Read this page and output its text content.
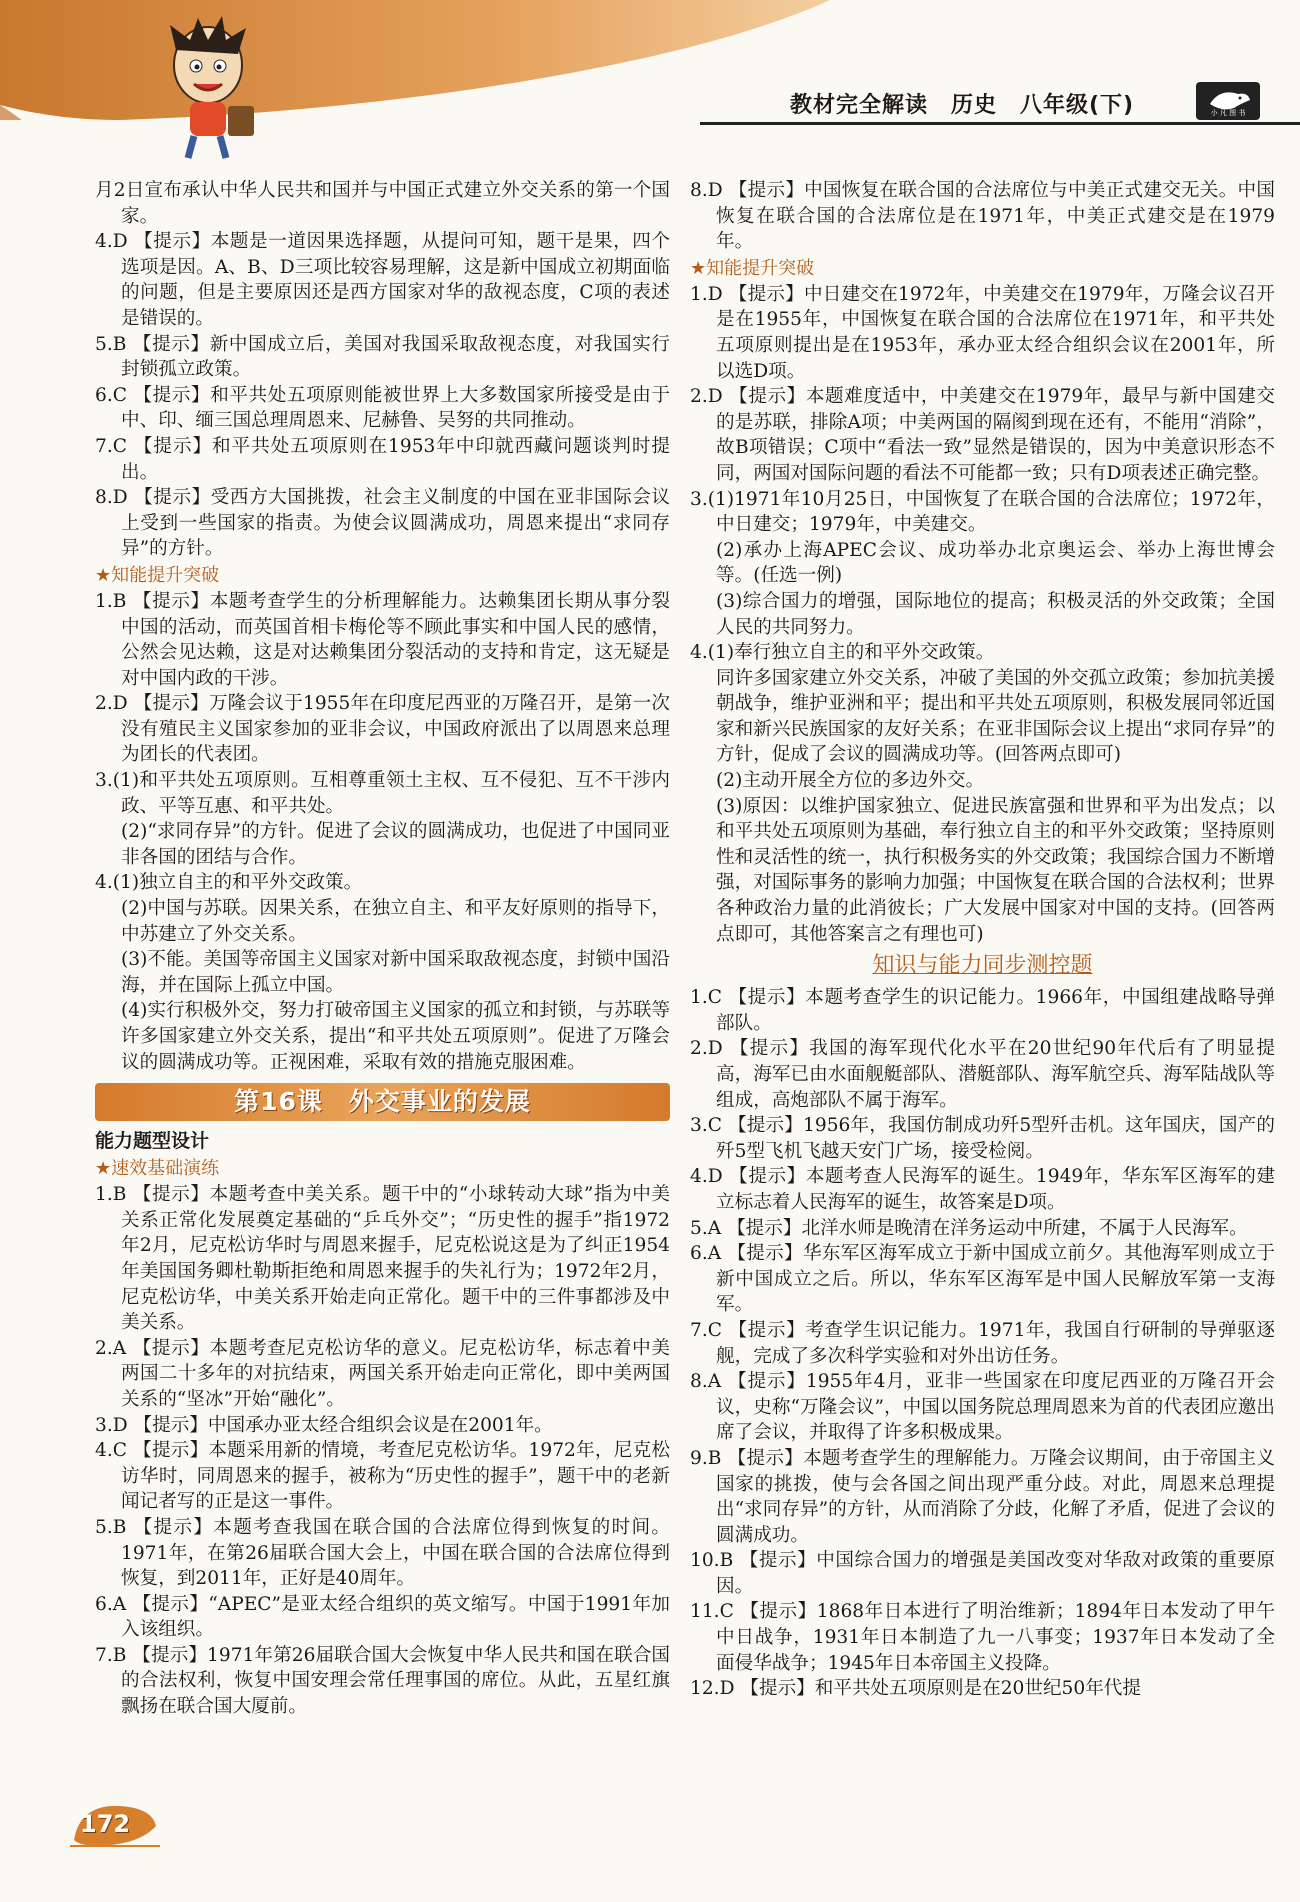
教材完全解读　历史　八年级(下)	小 凡 图 书

月2日宣布承认中华人民共和国并与中国正式建立外交关系的第一个国家。

4.D 【提示】本题是一道因果选择题，从提问可知，题干是果，四个选项是因。A、B、D三项比较容易理解，这是新中国成立初期面临的问题，但是主要原因还是西方国家对华的敌视态度，C项的表述是错误的。

5.B 【提示】新中国成立后，美国对我国采取敌视态度，对我国实行封锁孤立政策。

6.C 【提示】和平共处五项原则能被世界上大多数国家所接受是由于中、印、缅三国总理周恩来、尼赫鲁、吴努的共同推动。

7.C 【提示】和平共处五项原则在1953年中印就西藏问题谈判时提出。

8.D 【提示】受西方大国挑拨，社会主义制度的中国在亚非国际会议上受到一些国家的指责。为使会议圆满成功，周恩来提出“求同存异”的方针。

★知能提升突破

1.B 【提示】本题考查学生的分析理解能力。达赖集团长期从事分裂中国的活动，而英国首相卡梅伦等不顾此事实和中国人民的感情，公然会见达赖，这是对达赖集团分裂活动的支持和肯定，这无疑是对中国内政的干涉。

2.D 【提示】万隆会议于1955年在印度尼西亚的万隆召开，是第一次没有殖民主义国家参加的亚非会议，中国政府派出了以周恩来总理为团长的代表团。

3.(1)和平共处五项原则。互相尊重领土主权、互不侵犯、互不干涉内政、平等互惠、和平共处。

(2)“求同存异”的方针。促进了会议的圆满成功，也促进了中国同亚非各国的团结与合作。

4.(1)独立自主的和平外交政策。

(2)中国与苏联。因果关系，在独立自主、和平友好原则的指导下，中苏建立了外交关系。

(3)不能。美国等帝国主义国家对新中国采取敌视态度，封锁中国沿海，并在国际上孤立中国。

(4)实行积极外交，努力打破帝国主义国家的孤立和封锁，与苏联等许多国家建立外交关系，提出“和平共处五项原则”。促进了万隆会议的圆满成功等。正视困难，采取有效的措施克服困难。

第16课　外交事业的发展

能力题型设计

★速效基础演练

1.B 【提示】本题考查中美关系。题干中的“小球转动大球”指为中美关系正常化发展奠定基础的“乒乓外交”；“历史性的握手”指1972年2月，尼克松访华时与周恩来握手，尼克松说这是为了纠正1954年美国国务卿杜勒斯拒绝和周恩来握手的失礼行为；1972年2月，尼克松访华，中美关系开始走向正常化。题干中的三件事都涉及中美关系。

2.A 【提示】本题考查尼克松访华的意义。尼克松访华，标志着中美两国二十多年的对抗结束，两国关系开始走向正常化，即中美两国关系的“坚冰”开始“融化”。

3.D 【提示】中国承办亚太经合组织会议是在2001年。

4.C 【提示】本题采用新的情境，考查尼克松访华。1972年，尼克松访华时，同周恩来的握手，被称为“历史性的握手”，题干中的老新闻记者写的正是这一事件。

5.B 【提示】本题考查我国在联合国的合法席位得到恢复的时间。1971年，在第26届联合国大会上，中国在联合国的合法席位得到恢复，到2011年，正好是40周年。

6.A 【提示】“APEC”是亚太经合组织的英文缩写。中国于1991年加入该组织。

7.B 【提示】1971年第26届联合国大会恢复中华人民共和国在联合国的合法权利，恢复中国安理会常任理事国的席位。从此，五星红旗飘扬在联合国大厦前。

8.D 【提示】中国恢复在联合国的合法席位与中美正式建交无关。中国恢复在联合国的合法席位是在1971年，中美正式建交是在1979年。

★知能提升突破

1.D 【提示】中日建交在1972年，中美建交在1979年，万隆会议召开是在1955年，中国恢复在联合国的合法席位在1971年，和平共处五项原则提出是在1953年，承办亚太经合组织会议在2001年，所以选D项。

2.D 【提示】本题难度适中，中美建交在1979年，最早与新中国建交的是苏联，排除A项；中美两国的隔阂到现在还有，不能用“消除”，故B项错误；C项中“看法一致”显然是错误的，因为中美意识形态不同，两国对国际问题的看法不可能都一致；只有D项表述正确完整。

3.(1)1971年10月25日，中国恢复了在联合国的合法席位；1972年，中日建交；1979年，中美建交。

(2)承办上海APEC会议、成功举办北京奥运会、举办上海世博会等。(任选一例)

(3)综合国力的增强，国际地位的提高；积极灵活的外交政策；全国人民的共同努力。

4.(1)奉行独立自主的和平外交政策。

同许多国家建立外交关系，冲破了美国的外交孤立政策；参加抗美援朝战争，维护亚洲和平；提出和平共处五项原则，积极发展同邻近国家和新兴民族国家的友好关系；在亚非国际会议上提出“求同存异”的方针，促成了会议的圆满成功等。(回答两点即可)

(2)主动开展全方位的多边外交。

(3)原因：以维护国家独立、促进民族富强和世界和平为出发点；以和平共处五项原则为基础，奉行独立自主的和平外交政策；坚持原则性和灵活性的统一，执行积极务实的外交政策；我国综合国力不断增强，对国际事务的影响力加强；中国恢复在联合国的合法权利；世界各种政治力量的此消彼长；广大发展中国家对中国的支持。(回答两点即可，其他答案言之有理也可)

知识与能力同步测控题

1.C 【提示】本题考查学生的识记能力。1966年，中国组建战略导弹部队。

2.D 【提示】我国的海军现代化水平在20世纪90年代后有了明显提高，海军已由水面舰艇部队、潜艇部队、海军航空兵、海军陆战队等组成，高炮部队不属于海军。

3.C 【提示】1956年，我国仿制成功歼5型歼击机。这年国庆，国产的歼5型飞机飞越天安门广场，接受检阅。

4.D 【提示】本题考查人民海军的诞生。1949年，华东军区海军的建立标志着人民海军的诞生，故答案是D项。

5.A 【提示】北洋水师是晚清在洋务运动中所建，不属于人民海军。

6.A 【提示】华东军区海军成立于新中国成立前夕。其他海军则成立于新中国成立之后。所以，华东军区海军是中国人民解放军第一支海军。

7.C 【提示】考查学生识记能力。1971年，我国自行研制的导弹驱逐舰，完成了多次科学实验和对外出访任务。

8.A 【提示】1955年4月，亚非一些国家在印度尼西亚的万隆召开会议，史称“万隆会议”，中国以国务院总理周恩来为首的代表团应邀出席了会议，并取得了许多积极成果。

9.B 【提示】本题考查学生的理解能力。万隆会议期间，由于帝国主义国家的挑拨，使与会各国之间出现严重分歧。对此，周恩来总理提出“求同存异”的方针，从而消除了分歧，化解了矛盾，促进了会议的圆满成功。

10.B 【提示】中国综合国力的增强是美国改变对华敌对政策的重要原因。

11.C 【提示】1868年日本进行了明治维新；1894年日本发动了甲午中日战争，1931年日本制造了九一八事变；1937年日本发动了全面侵华战争；1945年日本帝国主义投降。

12.D 【提示】和平共处五项原则是在20世纪50年代提

172
